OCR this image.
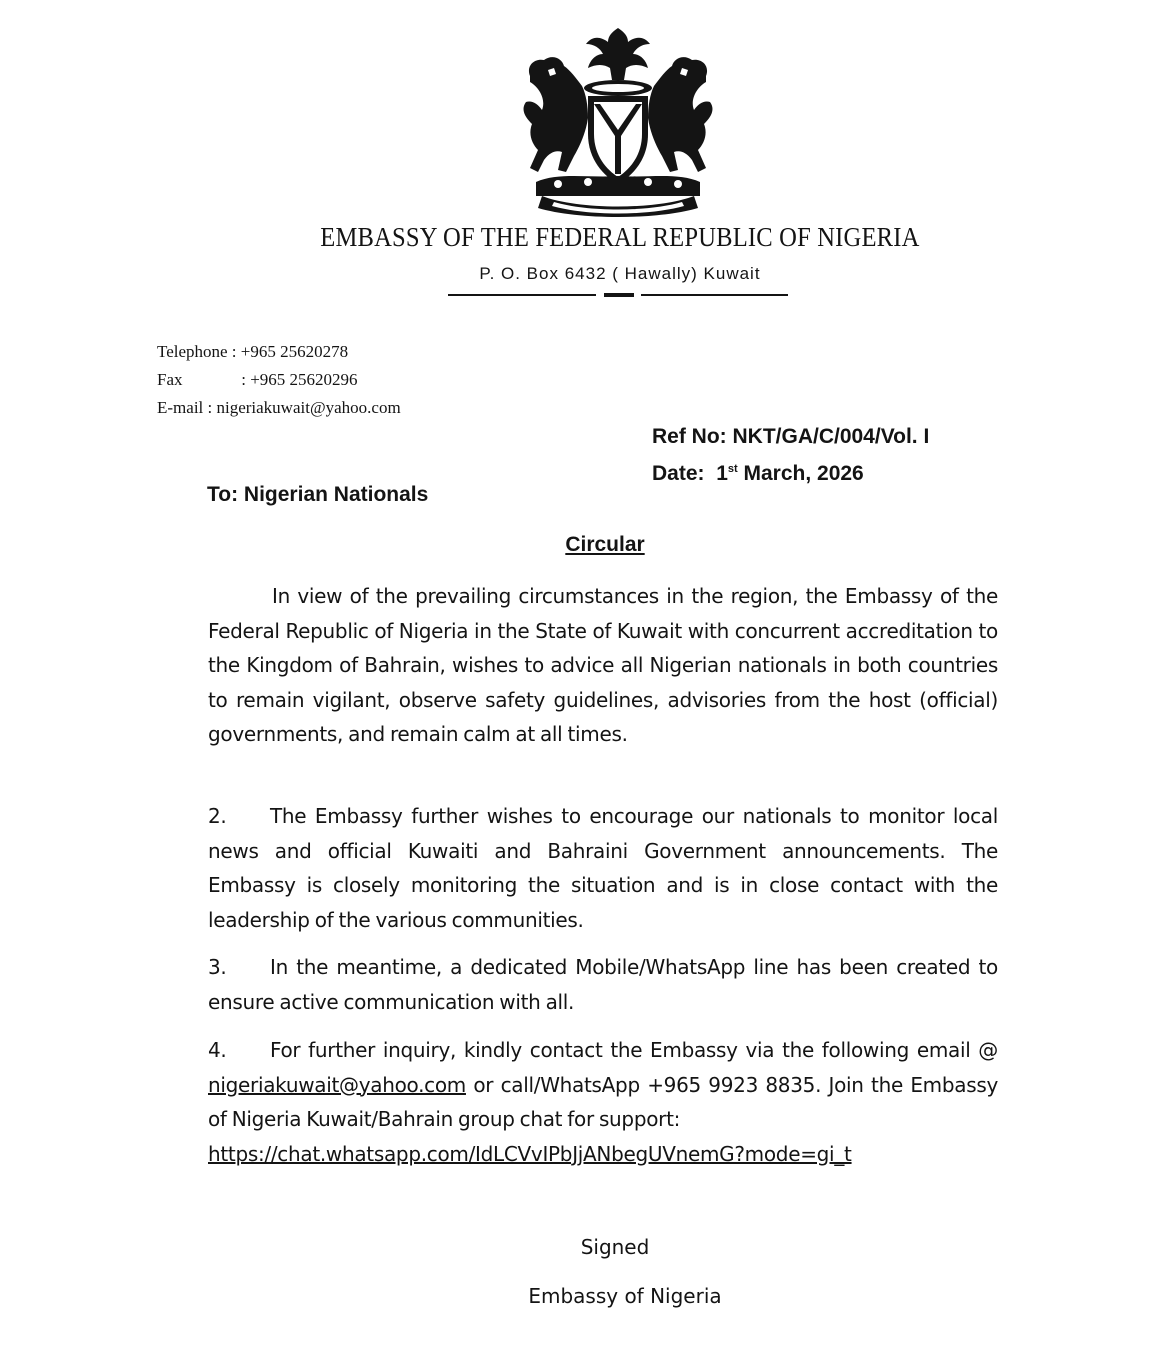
EMBASSY OF THE FEDERAL REPUBLIC OF NIGERIA
P. O. Box 6432 ( Hawally) Kuwait
Telephone : +965 25620278
Fax	: +965 25620296
E-mail : nigeriakuwait@yahoo.com
Ref No: NKT/GA/C/004/Vol. I
Date: 1st March, 2026
To: Nigerian Nationals
Circular
In view of the prevailing circumstances in the region, the Embassy of the Federal Republic of Nigeria in the State of Kuwait with concurrent accreditation to the Kingdom of Bahrain, wishes to advice all Nigerian nationals in both countries to remain vigilant, observe safety guidelines, advisories from the host (official) governments, and remain calm at all times.
2. The Embassy further wishes to encourage our nationals to monitor local news and official Kuwaiti and Bahraini Government announcements. The Embassy is closely monitoring the situation and is in close contact with the leadership of the various communities.
3. In the meantime, a dedicated Mobile/WhatsApp line has been created to ensure active communication with all.
4. For further inquiry, kindly contact the Embassy via the following email @ nigeriakuwait@yahoo.com or call/WhatsApp +965 9923 8835. Join the Embassy of Nigeria Kuwait/Bahrain group chat for support:
https://chat.whatsapp.com/IdLCVvIPbJjANbegUVnemG?mode=gi_t
Signed
Embassy of Nigeria
